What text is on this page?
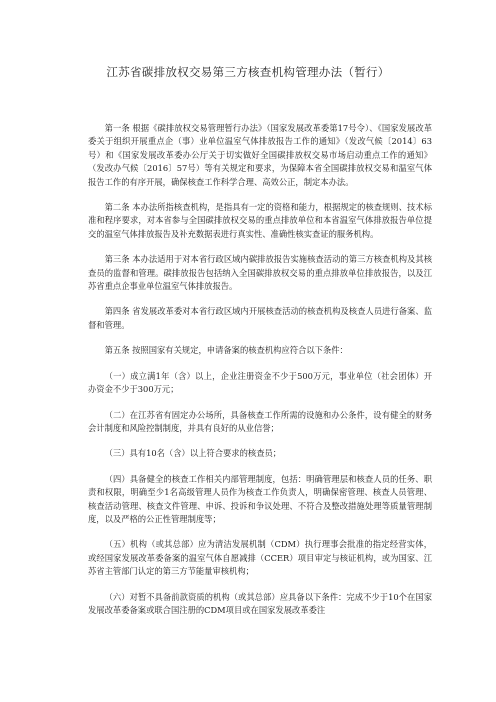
江苏省碳排放权交易第三方核查机构管理办法（暂行）

第一条 根据《碳排放权交易管理暂行办法》（国家发展改革委第17号令）、《国家发展改革委关于组织开展重点企（事）业单位温室气体排放报告工作的通知》（发改气候〔2014〕63号）和《国家发展改革委办公厅关于切实做好全国碳排放权交易市场启动重点工作的通知》（发改办气候〔2016〕57号）等有关规定和要求，为保障本省全国碳排放权交易和温室气体报告工作的有序开展，确保核查工作科学合理、高效公正，制定本办法。

第二条 本办法所指核查机构，是指具有一定的资格和能力，根据规定的核查规则、技术标准和程序要求，对本省参与全国碳排放权交易的重点排放单位和本省温室气体排放报告单位提交的温室气体排放报告及补充数据表进行真实性、准确性核实查证的服务机构。

第三条 本办法适用于对本省行政区域内碳排放报告实施核查活动的第三方核查机构及其核查员的监督和管理。碳排放报告包括纳入全国碳排放权交易的重点排放单位排放报告，以及江苏省重点企事业单位温室气体排放报告。

第四条 省发展改革委对本省行政区域内开展核查活动的核查机构及核查人员进行备案、监督和管理。

第五条 按照国家有关规定，申请备案的核查机构应符合以下条件：

（一）成立满1年（含）以上，企业注册资金不少于500万元，事业单位（社会团体）开办资金不少于300万元；

（二）在江苏省有固定办公场所，具备核查工作所需的设施和办公条件，设有健全的财务会计制度和风险控制制度，并具有良好的从业信誉；

（三）具有10名（含）以上符合要求的核查员；

（四）具备健全的核查工作相关内部管理制度，包括：明确管理层和核查人员的任务、职责和权限，明确至少1名高级管理人员作为核查工作负责人，明确保密管理、核查人员管理、核查活动管理、核查文件管理、申诉、投诉和争议处理、不符合及整改措施处理等质量管理制度，以及严格的公正性管理制度等；

（五）机构（或其总部）应为清洁发展机制（CDM）执行理事会批准的指定经营实体，或经国家发展改革委备案的温室气体自愿减排（CCER）项目审定与核证机构，或为国家、江苏省主管部门认定的第三方节能量审核机构；

（六）对暂不具备前款资质的机构（或其总部）应具备以下条件：完成不少于10个在国家发展改革委备案或联合国注册的CDM项目或在国家发展改革委注
